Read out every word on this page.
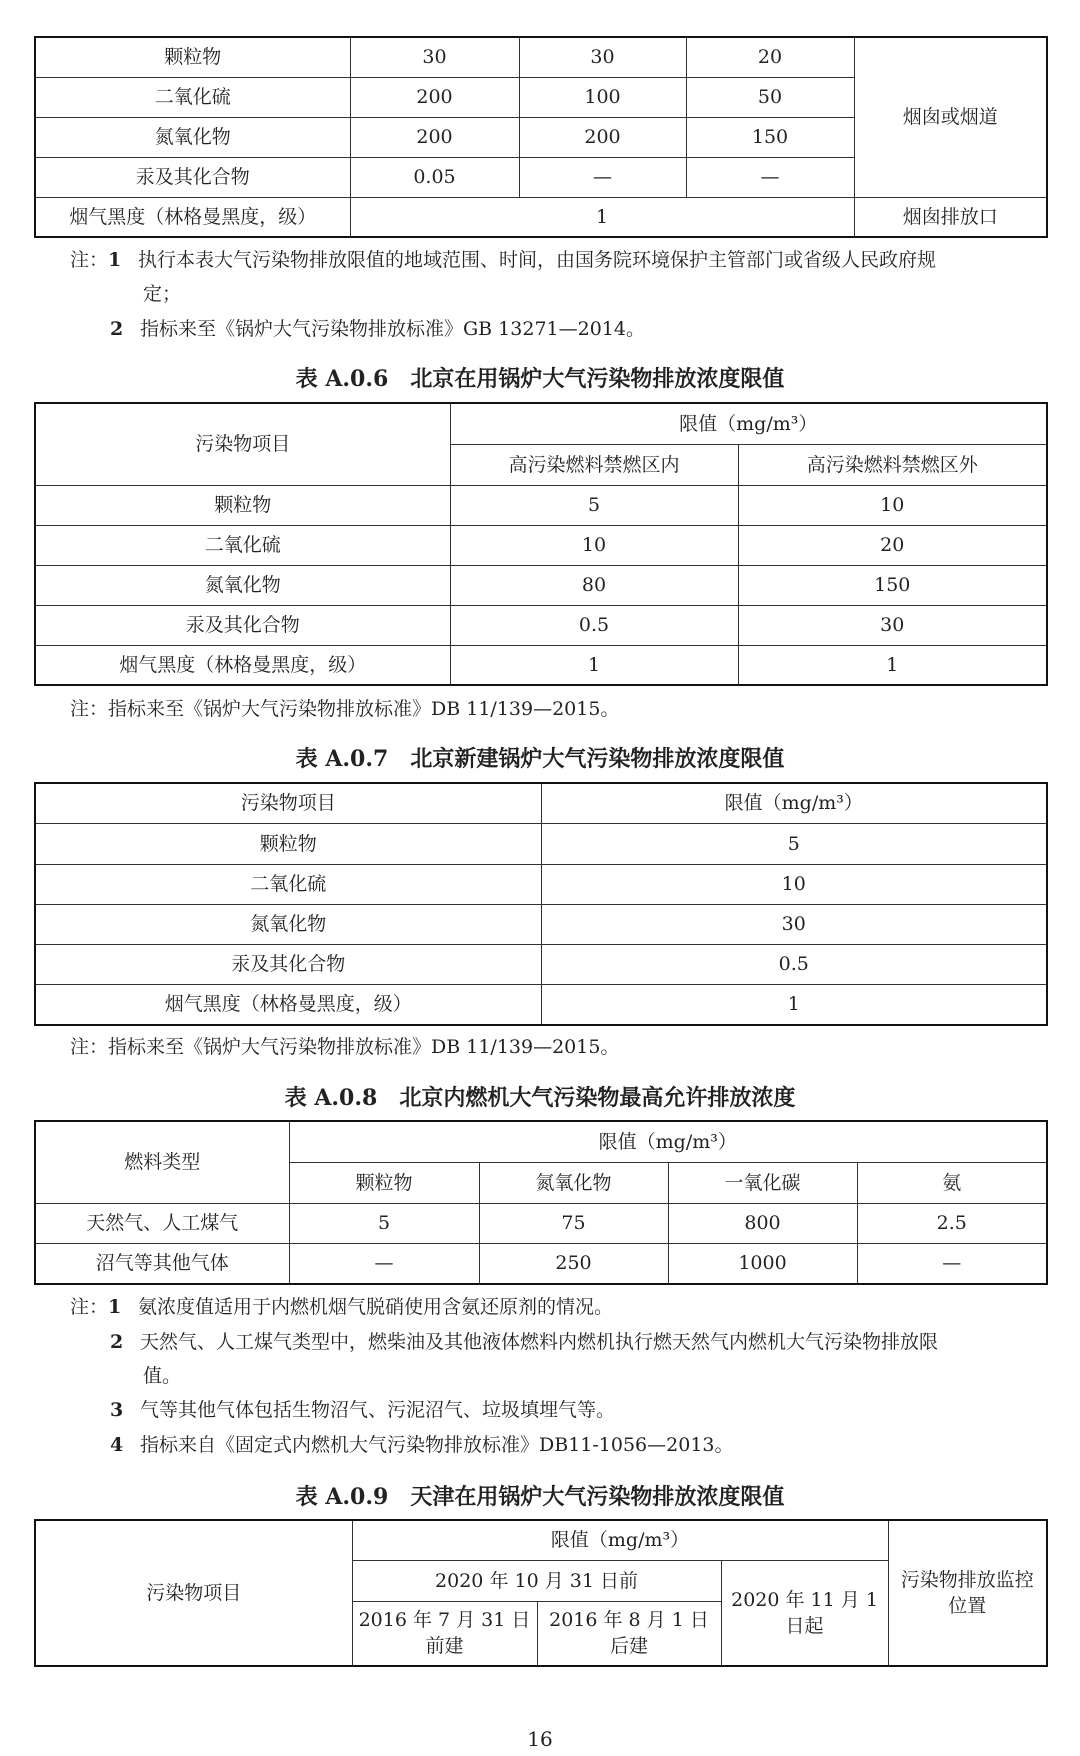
颗粒物	30	30	20	烟囱或烟道
二氧化硫	200	100	50	
氮氧化物	200	200	150	
汞及其化合物	0.05	—	—	
烟气黑度（林格曼黑度，级）	1			烟囱排放口
注：1 执行本表大气污染物排放限值的地域范围、时间，由国务院环境保护主管部门或省级人民政府规
定；
2 指标来至《锅炉大气污染物排放标准》GB 13271—2014。
表 A.0.6　北京在用锅炉大气污染物排放浓度限值
污染物项目	限值（mg/m³）	
	高污染燃料禁燃区内	高污染燃料禁燃区外
颗粒物	5	10
二氧化硫	10	20
氮氧化物	80	150
汞及其化合物	0.5	30
烟气黑度（林格曼黑度，级）	1	1
注：指标来至《锅炉大气污染物排放标准》DB 11/139—2015。
表 A.0.7　北京新建锅炉大气污染物排放浓度限值
污染物项目	限值（mg/m³）
颗粒物	5
二氧化硫	10
氮氧化物	30
汞及其化合物	0.5
烟气黑度（林格曼黑度，级）	1
注：指标来至《锅炉大气污染物排放标准》DB 11/139—2015。
表 A.0.8　北京内燃机大气污染物最高允许排放浓度
燃料类型	限值（mg/m³）			
	颗粒物	氮氧化物	一氧化碳	氨
天然气、人工煤气	5	75	800	2.5
沼气等其他气体	—	250	1000	—
注：1 氨浓度值适用于内燃机烟气脱硝使用含氨还原剂的情况。
2 天然气、人工煤气类型中，燃柴油及其他液体燃料内燃机执行燃天然气内燃机大气污染物排放限
值。
3 气等其他气体包括生物沼气、污泥沼气、垃圾填埋气等。
4 指标来自《固定式内燃机大气污染物排放标准》DB11-1056—2013。
表 A.0.9　天津在用锅炉大气污染物排放浓度限值
污染物项目	限值（mg/m³）			污染物排放监控位置
	2020 年 10 月 31 日前		2020 年 11 月 1 日起	
	2016 年 7 月 31 日前建	2016 年 8 月 1 日后建		
16
